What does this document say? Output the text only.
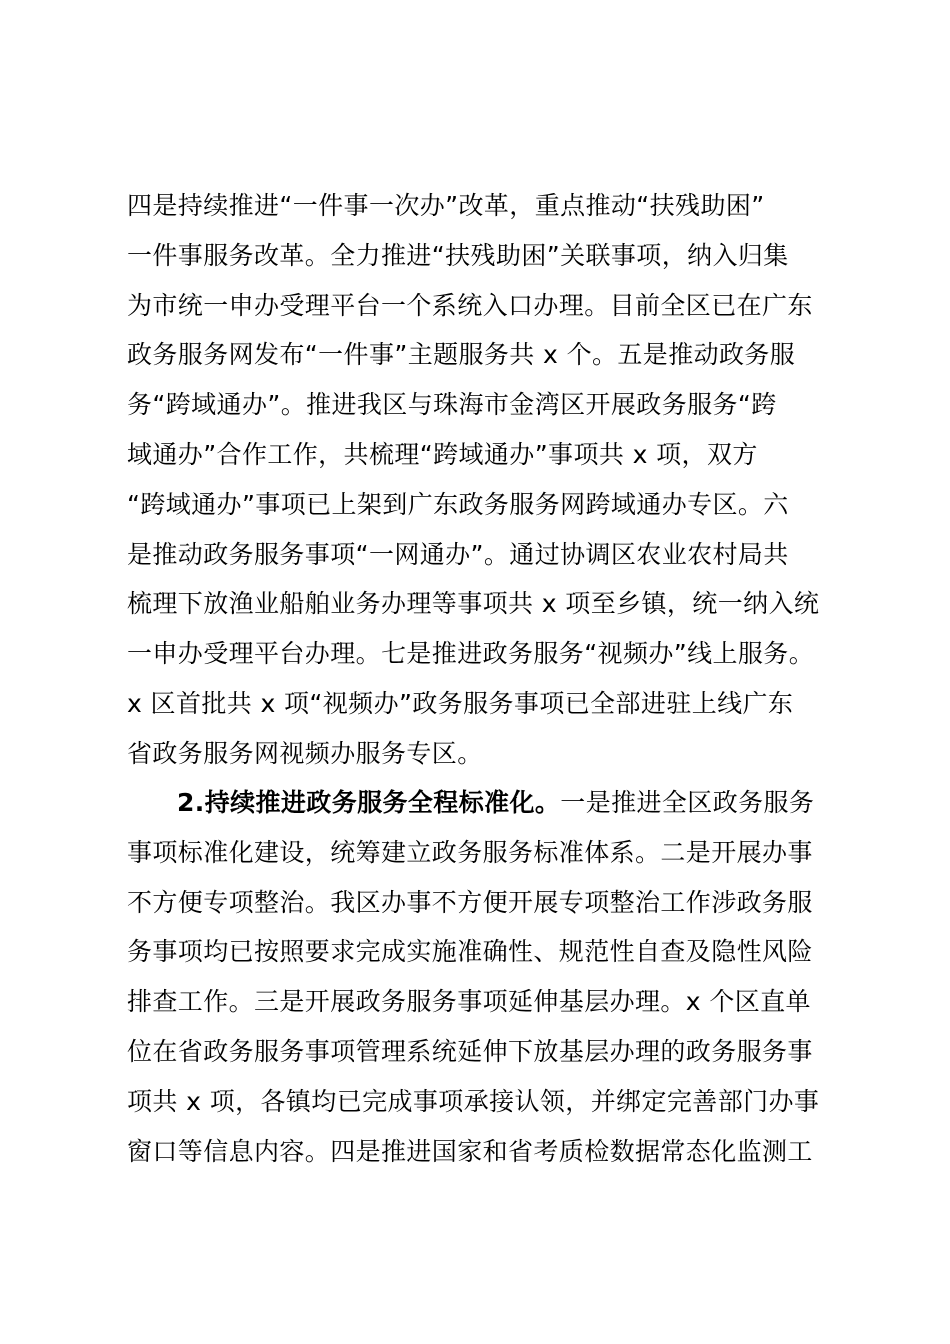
四是持续推进“一件事一次办”改革，重点推动“扶残助困”
一件事服务改革。全力推进“扶残助困”关联事项，纳入归集
为市统一申办受理平台一个系统入口办理。目前全区已在广东
政务服务网发布“一件事”主题服务共 x 个。五是推动政务服
务“跨域通办”。推进我区与珠海市金湾区开展政务服务“跨
域通办”合作工作，共梳理“跨域通办”事项共 x 项，双方
“跨域通办”事项已上架到广东政务服务网跨域通办专区。六
是推动政务服务事项“一网通办”。通过协调区农业农村局共
梳理下放渔业船舶业务办理等事项共 x 项至乡镇，统一纳入统
一申办受理平台办理。七是推进政务服务“视频办”线上服务。
x 区首批共 x 项“视频办”政务服务事项已全部进驻上线广东
省政务服务网视频办服务专区。
2.持续推进政务服务全程标准化。一是推进全区政务服务
事项标准化建设，统筹建立政务服务标准体系。二是开展办事
不方便专项整治。我区办事不方便开展专项整治工作涉政务服
务事项均已按照要求完成实施准确性、规范性自查及隐性风险
排查工作。三是开展政务服务事项延伸基层办理。x 个区直单
位在省政务服务事项管理系统延伸下放基层办理的政务服务事
项共 x 项，各镇均已完成事项承接认领，并绑定完善部门办事
窗口等信息内容。四是推进国家和省考质检数据常态化监测工
